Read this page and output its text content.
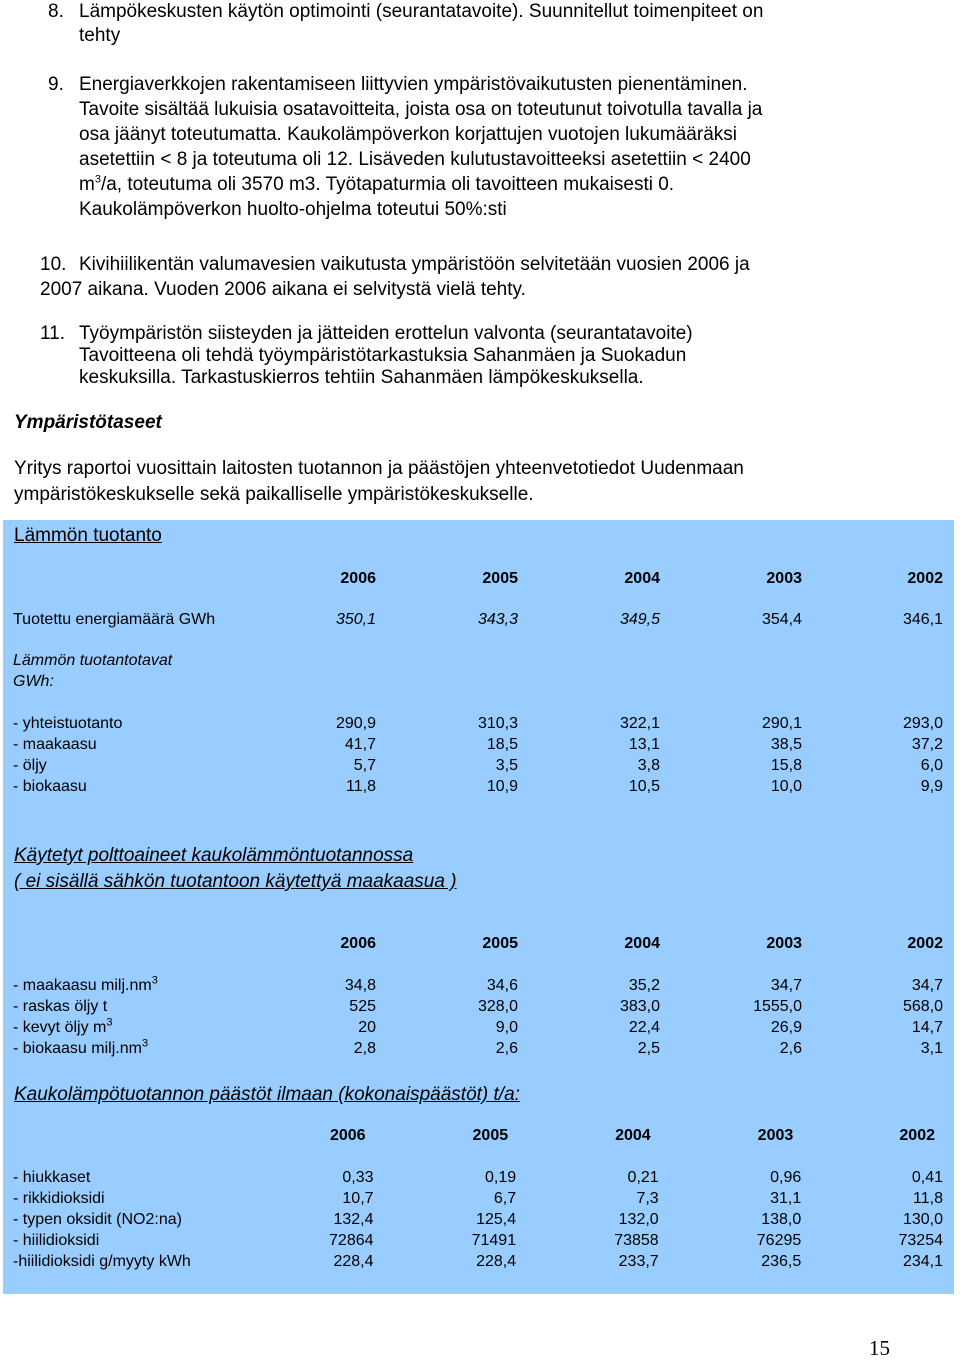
8. Lämpökeskusten käytön optimointi (seurantatavoite). Suunnitellut toimenpiteet on
tehty
9. Energiaverkkojen rakentamiseen liittyvien ympäristövaikutusten pienentäminen.
Tavoite sisältää lukuisia osatavoitteita, joista osa on toteutunut toivotulla tavalla ja
osa jäänyt toteutumatta. Kaukolämpöverkon korjattujen vuotojen lukumääräksi
asetettiin < 8 ja toteutuma oli 12. Lisäveden kulutustavoitteeksi asetettiin < 2400
$m^3/a$, toteutuma oli 3570 m3. Työtapaturmia oli tavoitteen mukaisesti 0.
Kaukolämpöverkon huolto-ohjelma toteutui 50%:sti
10. Kivihiilikentän valumavesien vaikutusta ympäristöön selvitetään vuosien 2006 ja
2007 aikana. Vuoden 2006 aikana ei selvitystä vielä tehty.
11. Työympäristön siisteyden ja jätteiden erottelun valvonta (seurantatavoite)
Tavoitteena oli tehdä työympäristötarkastuksia Sahanmäen ja Suokadun
keskuksilla. Tarkastuskierros tehtiin Sahanmäen lämpökeskuksella.
Ympäristötaseet
Yritys raportoi vuosittain laitosten tuotannon ja päästöjen yhteenvetotiedot Uudenmaan
ympäristökeskukselle sekä paikalliselle ympäristökeskukselle.
Lämmön tuotanto
	2006	2005	2004	2003	2002

Tuotettu energiamäärä GWh	350,1	343,3	349,5	354,4	346,1

Lämmön tuotantotavat					
GWh:					

- yhteistuotanto	290,9	310,3	322,1	290,1	293,0
- maakaasu	41,7	18,5	13,1	38,5	37,2
- öljy	5,7	3,5	3,8	15,8	6,0
- biokaasu	11,8	10,9	10,5	10,0	9,9
Käytetyt polttoaineet kaukolämmöntuotannossa
( ei sisällä sähkön tuotantoon käytettyä maakaasua )
	2006	2005	2004	2003	2002

- maakaasu $milj.nm^3$	34,8	34,6	35,2	34,7	34,7
- raskas öljy t	525	328,0	383,0	1555,0	568,0
- kevyt öljy $m^3$	20	9,0	22,4	26,9	14,7
- biokaasu $milj.nm^3$	2,8	2,6	2,5	2,6	3,1
Kaukolämpötuotannon päästöt ilmaan (kokonaispäästöt) t/a:
	2006	2005	2004	2003	2002

- hiukkaset	0,33	0,19	0,21	0,96	0,41
- rikkidioksidi	10,7	6,7	7,3	31,1	11,8
- typen oksidit (NO2:na)	132,4	125,4	132,0	138,0	130,0
- hiilidioksidi	72864	71491	73858	76295	73254
-hiilidioksidi g/myyty kWh	228,4	228,4	233,7	236,5	234,1
15
